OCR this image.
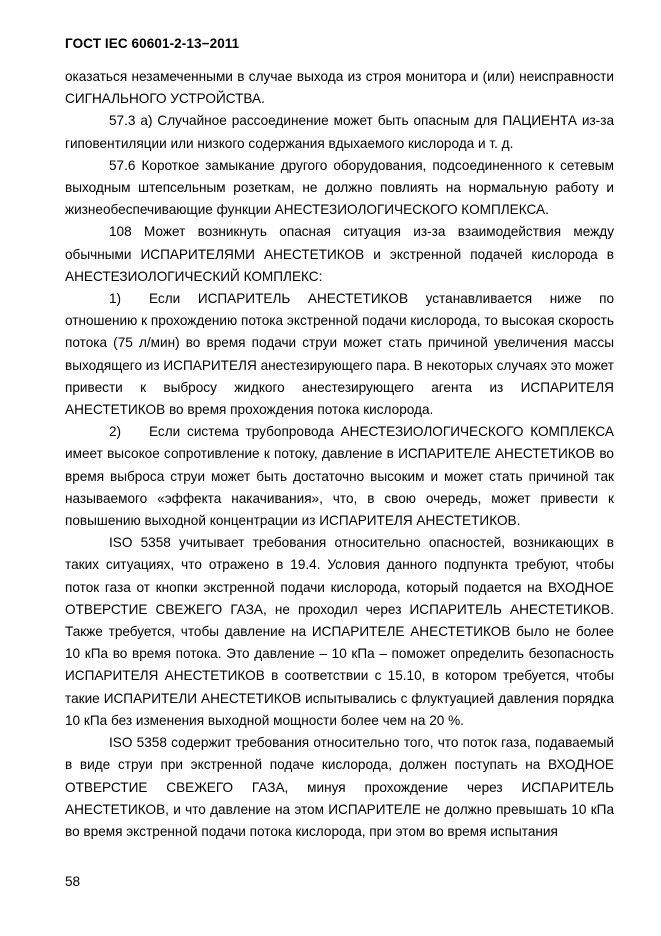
ГОСТ IEC 60601-2-13−2011

оказаться незамеченными в случае выхода из строя монитора и (или) неисправности СИГНАЛЬНОГО УСТРОЙСТВА.

57.3 а) Случайное рассоединение может быть опасным для ПАЦИЕНТА из-за гиповентиляции или низкого содержания вдыхаемого кислорода и т. д.

57.6 Короткое замыкание другого оборудования, подсоединенного к сетевым выходным штепсельным розеткам, не должно повлиять на нормальную работу и жизнеобеспечивающие функции АНЕСТЕЗИОЛОГИЧЕСКОГО КОМПЛЕКСА.

108 Может возникнуть опасная ситуация из-за взаимодействия между обычными ИСПАРИТЕЛЯМИ АНЕСТЕТИКОВ и экстренной подачей кислорода в АНЕСТЕЗИОЛОГИЧЕСКИЙ КОМПЛЕКС:

1) Если ИСПАРИТЕЛЬ АНЕСТЕТИКОВ устанавливается ниже по отношению к прохождению потока экстренной подачи кислорода, то высокая скорость потока (75 л/мин) во время подачи струи может стать причиной увеличения массы выходящего из ИСПАРИТЕЛЯ анестезирующего пара. В некоторых случаях это может привести к выбросу жидкого анестезирующего агента из ИСПАРИТЕЛЯ АНЕСТЕТИКОВ во время прохождения потока кислорода.

2) Если система трубопровода АНЕСТЕЗИОЛОГИЧЕСКОГО КОМПЛЕКСА имеет высокое сопротивление к потоку, давление в ИСПАРИТЕЛЕ АНЕСТЕТИКОВ во время выброса струи может быть достаточно высоким и может стать причиной так называемого «эффекта накачивания», что, в свою очередь, может привести к повышению выходной концентрации из ИСПАРИТЕЛЯ АНЕСТЕТИКОВ.

ISO 5358 учитывает требования относительно опасностей, возникающих в таких ситуациях, что отражено в 19.4. Условия данного подпункта требуют, чтобы поток газа от кнопки экстренной подачи кислорода, который подается на ВХОДНОЕ ОТВЕРСТИЕ СВЕЖЕГО ГАЗА, не проходил через ИСПАРИТЕЛЬ АНЕСТЕТИКОВ. Также требуется, чтобы давление на ИСПАРИТЕЛЕ АНЕСТЕТИКОВ было не более 10 кПа во время потока. Это давление – 10 кПа – поможет определить безопасность ИСПАРИТЕЛЯ АНЕСТЕТИКОВ в соответствии с 15.10, в котором требуется, чтобы такие ИСПАРИТЕЛИ АНЕСТЕТИКОВ испытывались с флуктуацией давления порядка 10 кПа без изменения выходной мощности более чем на 20 %.

ISO 5358 содержит требования относительно того, что поток газа, подаваемый в виде струи при экстренной подаче кислорода, должен поступать на ВХОДНОЕ ОТВЕРСТИЕ СВЕЖЕГО ГАЗА, минуя прохождение через ИСПАРИТЕЛЬ АНЕСТЕТИКОВ, и что давление на этом ИСПАРИТЕЛЕ не должно превышать 10 кПа во время экстренной подачи потока кислорода, при этом во время испытания

58
